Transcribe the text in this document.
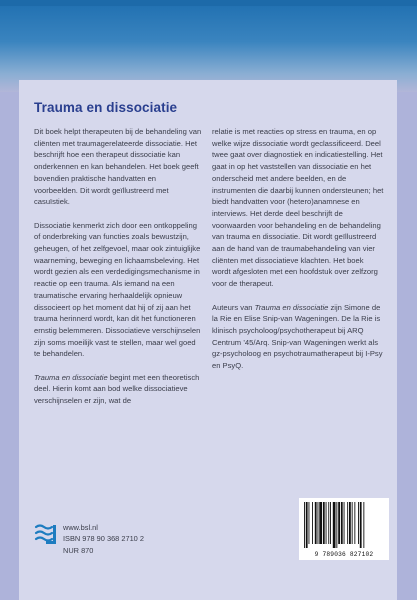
Trauma en dissociatie

Dit boek helpt therapeuten bij de behandeling van cliënten met traumagerelateerde dissociatie. Het beschrijft hoe een therapeut dissociatie kan onderkennen en kan behandelen. Het boek geeft bovendien praktische handvatten en voorbeelden. Dit wordt geïllustreerd met casuïstiek.

Dissociatie kenmerkt zich door een ontkoppeling of onderbreking van functies zoals bewustzijn, geheugen, of het zelfgevoel, maar ook zintuiglijke waarneming, beweging en lichaamsbeleving. Het wordt gezien als een verdedigingsmechanisme in reactie op een trauma. Als iemand na een traumatische ervaring herhaaldelijk opnieuw dissocieert op het moment dat hij of zij aan het trauma herinnerd wordt, kan dit het functioneren ernstig belemmeren. Dissociatieve verschijnselen zijn soms moeilijk vast te stellen, maar wel goed te behandelen.

Trauma en dissociatie begint met een theoretisch deel. Hierin komt aan bod welke dissociatieve verschijnselen er zijn, wat de

relatie is met reacties op stress en trauma, en op welke wijze dissociatie wordt geclassificeerd. Deel twee gaat over diagnostiek en indicatiestelling. Het gaat in op het vaststellen van dissociatie en het onderscheid met andere beelden, en de instrumenten die daarbij kunnen ondersteunen; het biedt handvatten voor (hetero)anamnese en interviews. Het derde deel beschrijft de voorwaarden voor behandeling en de behandeling van trauma en dissociatie. Dit wordt geïllustreerd aan de hand van de traumabehandeling van vier cliënten met dissociatieve klachten. Het boek wordt afgesloten met een hoofdstuk over zelfzorg voor de therapeut.

Auteurs van Trauma en dissociatie zijn Simone de la Rie en Elise Snip-van Wageningen. De la Rie is klinisch psycholoog/psychotherapeut bij ARQ Centrum ’45/Arq. Snip-van Wageningen werkt als gz-psycholoog en psychotraumatherapeut bij I-Psy en PsyQ.

www.bsl.nl
ISBN 978 90 368 2710 2
NUR 870	9 789036 827102
